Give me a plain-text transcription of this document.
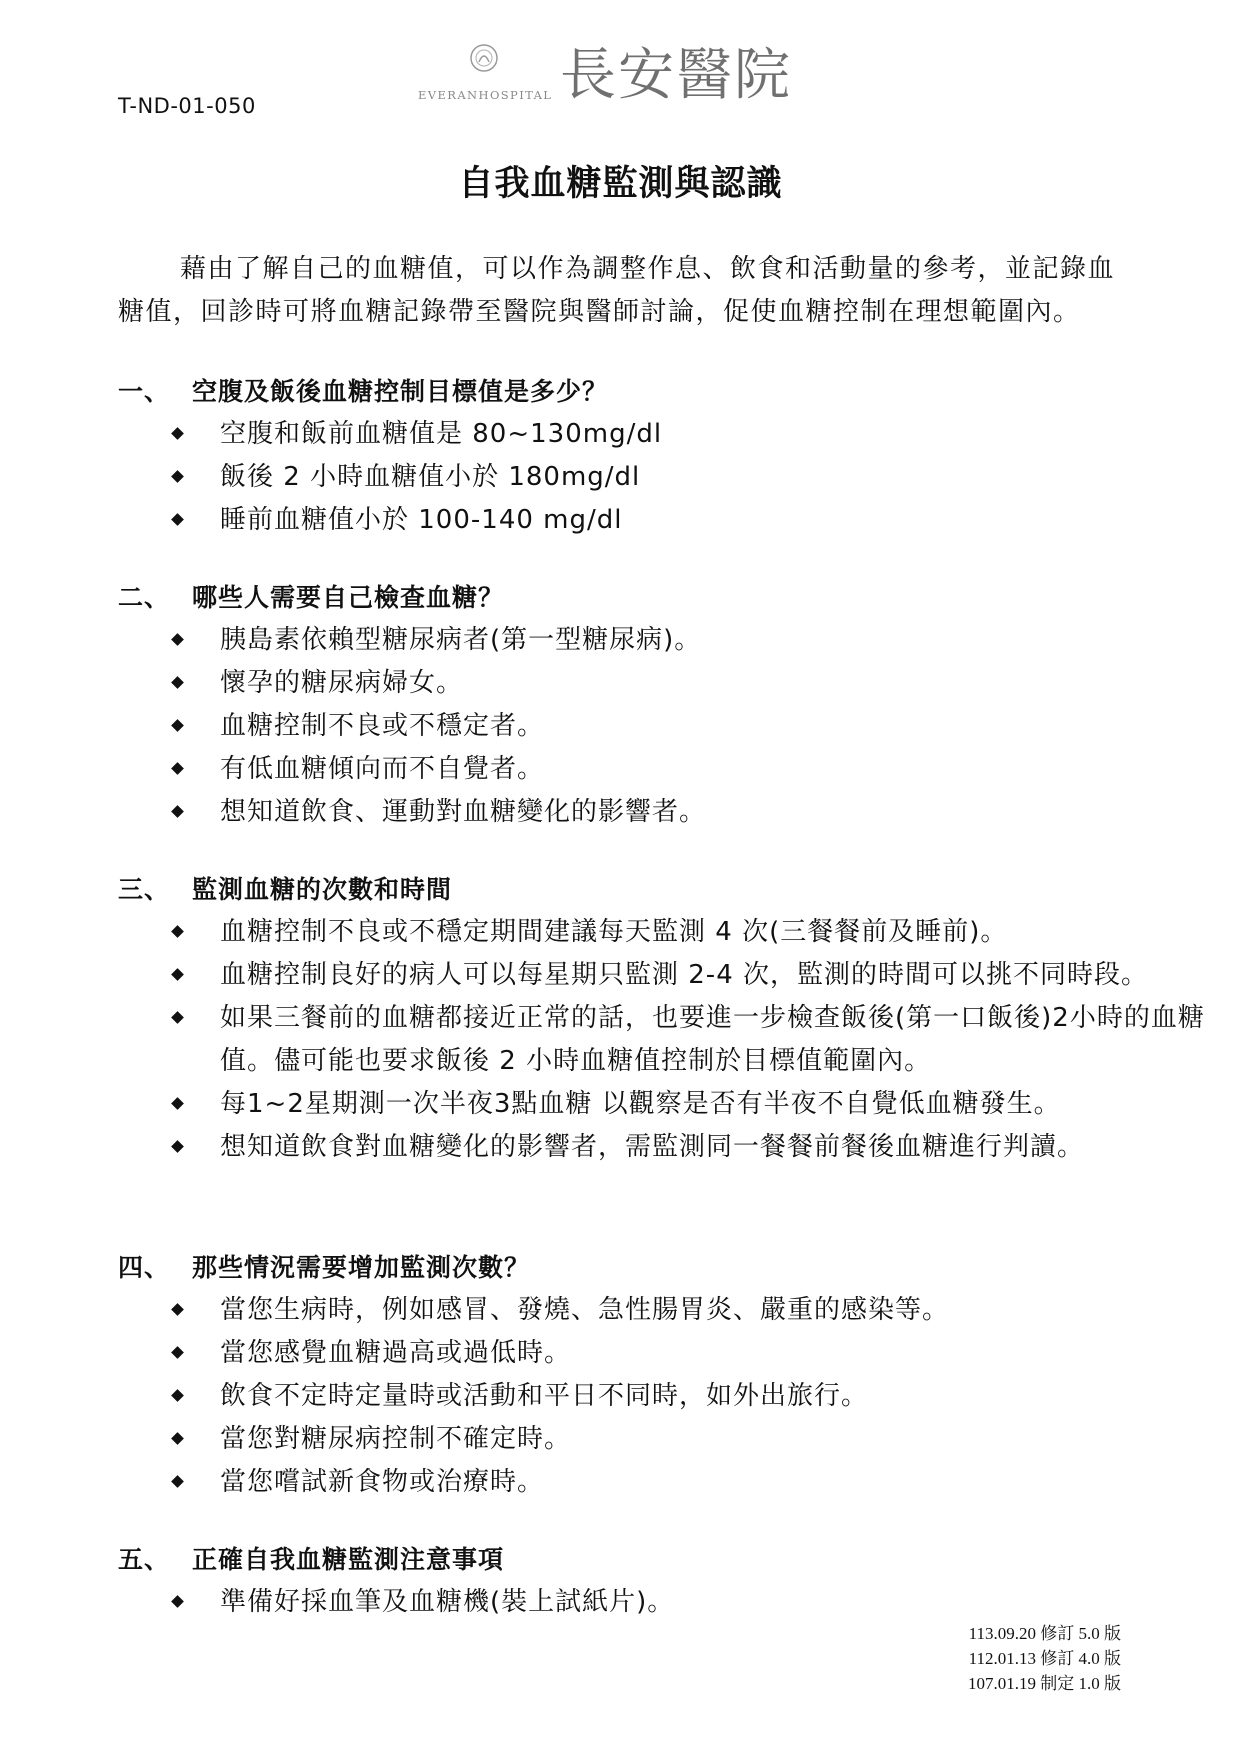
T-ND-01-050	EVERANHOSPITAL 長安醫院
自我血糖監測與認識

藉由了解自己的血糖值，可以作為調整作息、飲食和活動量的參考，並記錄血糖值，回診時可將血糖記錄帶至醫院與醫師討論，促使血糖控制在理想範圍內。

一、 空腹及飯後血糖控制目標值是多少？
空腹和飯前血糖值是 80~130mg/dl
飯後 2 小時血糖值小於 180mg/dl
睡前血糖值小於 100-140 mg/dl
二、 哪些人需要自己檢查血糖？
胰島素依賴型糖尿病者(第一型糖尿病)。
懷孕的糖尿病婦女。
血糖控制不良或不穩定者。
有低血糖傾向而不自覺者。
想知道飲食、運動對血糖變化的影響者。
三、 監測血糖的次數和時間
血糖控制不良或不穩定期間建議每天監測 4 次(三餐餐前及睡前)。
血糖控制良好的病人可以每星期只監測 2-4 次，監測的時間可以挑不同時段。
如果三餐前的血糖都接近正常的話，也要進一步檢查飯後(第一口飯後)2小時的血糖值。儘可能也要求飯後 2 小時血糖值控制於目標值範圍內。
每1~2星期測一次半夜3點血糖 以觀察是否有半夜不自覺低血糖發生。
想知道飲食對血糖變化的影響者，需監測同一餐餐前餐後血糖進行判讀。
四、 那些情況需要增加監測次數？
當您生病時，例如感冒、發燒、急性腸胃炎、嚴重的感染等。
當您感覺血糖過高或過低時。
飲食不定時定量時或活動和平日不同時，如外出旅行。
當您對糖尿病控制不確定時。
當您嚐試新食物或治療時。
五、 正確自我血糖監測注意事項
準備好採血筆及血糖機(裝上試紙片)。
113.09.20 修訂 5.0 版
112.01.13 修訂 4.0 版
107.01.19 制定 1.0 版
